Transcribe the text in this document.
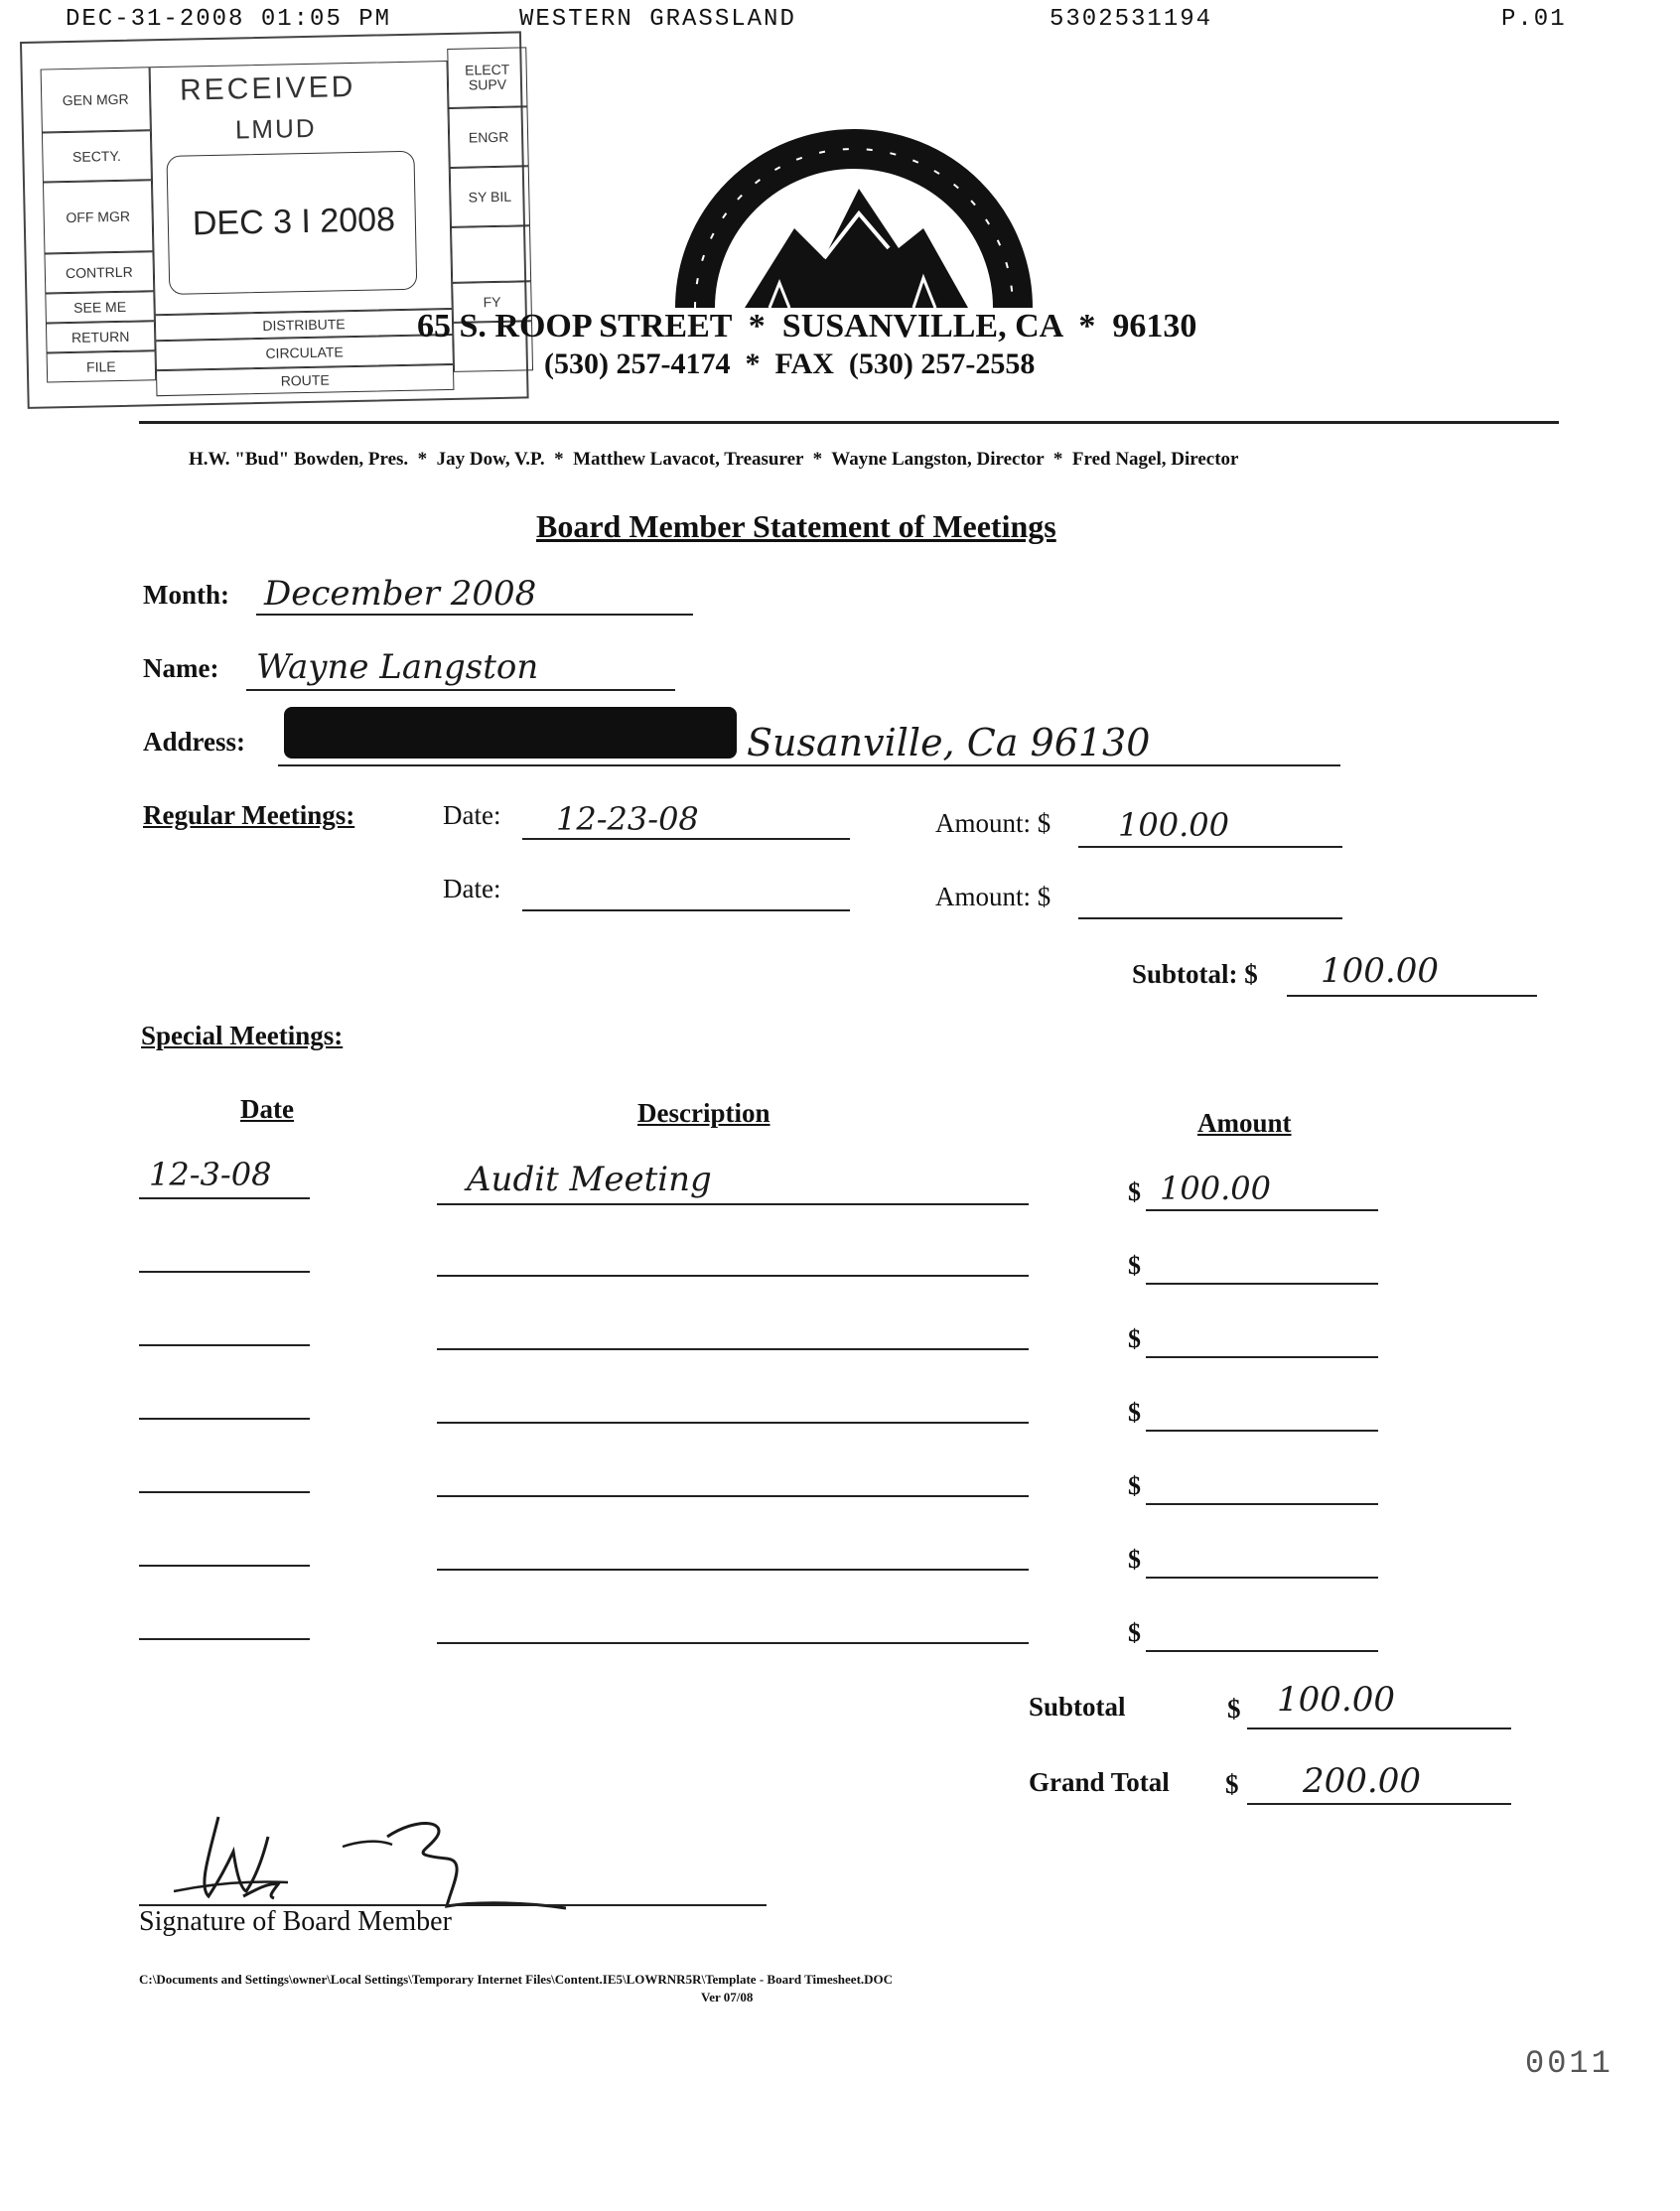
DEC-31-2008 01:05 PM	WESTERN GRASSLAND	5302531194	P.01
GEN MGR
SECTY.
OFF MGR
CONTRLR
SEE ME
RETURN
FILE
RECEIVED
LMUD
DEC 3 I 2008
DISTRIBUTE
CIRCULATE
ROUTE
ELECT SUPV
ENGR
SY BIL
FY
65 S. ROOP STREET  *  SUSANVILLE, CA  *  96130
(530) 257-4174  *  FAX  (530) 257-2558
H.W. "Bud" Bowden, Pres.  *  Jay Dow, V.P.  *  Matthew Lavacot, Treasurer  *  Wayne Langston, Director  *  Fred Nagel, Director
Board Member Statement of Meetings
Month: December 2008
Name: Wayne Langston
Address:	Susanville, Ca 96130
Regular Meetings:	Date: 12-23-08	Amount: $ 100.00
Date:	Amount: $
Subtotal: $ 100.00
Special Meetings:
Date	Description	Amount
12-3-08	Audit Meeting	$ 100.00
$
$
$
$
$
$
Subtotal	$ 100.00
Grand Total $ 200.00
Signature of Board Member
C:\Documents and Settings\owner\Local Settings\Temporary Internet Files\Content.IE5\LOWRNR5R\Template - Board Timesheet.DOC
Ver 07/08
0011
